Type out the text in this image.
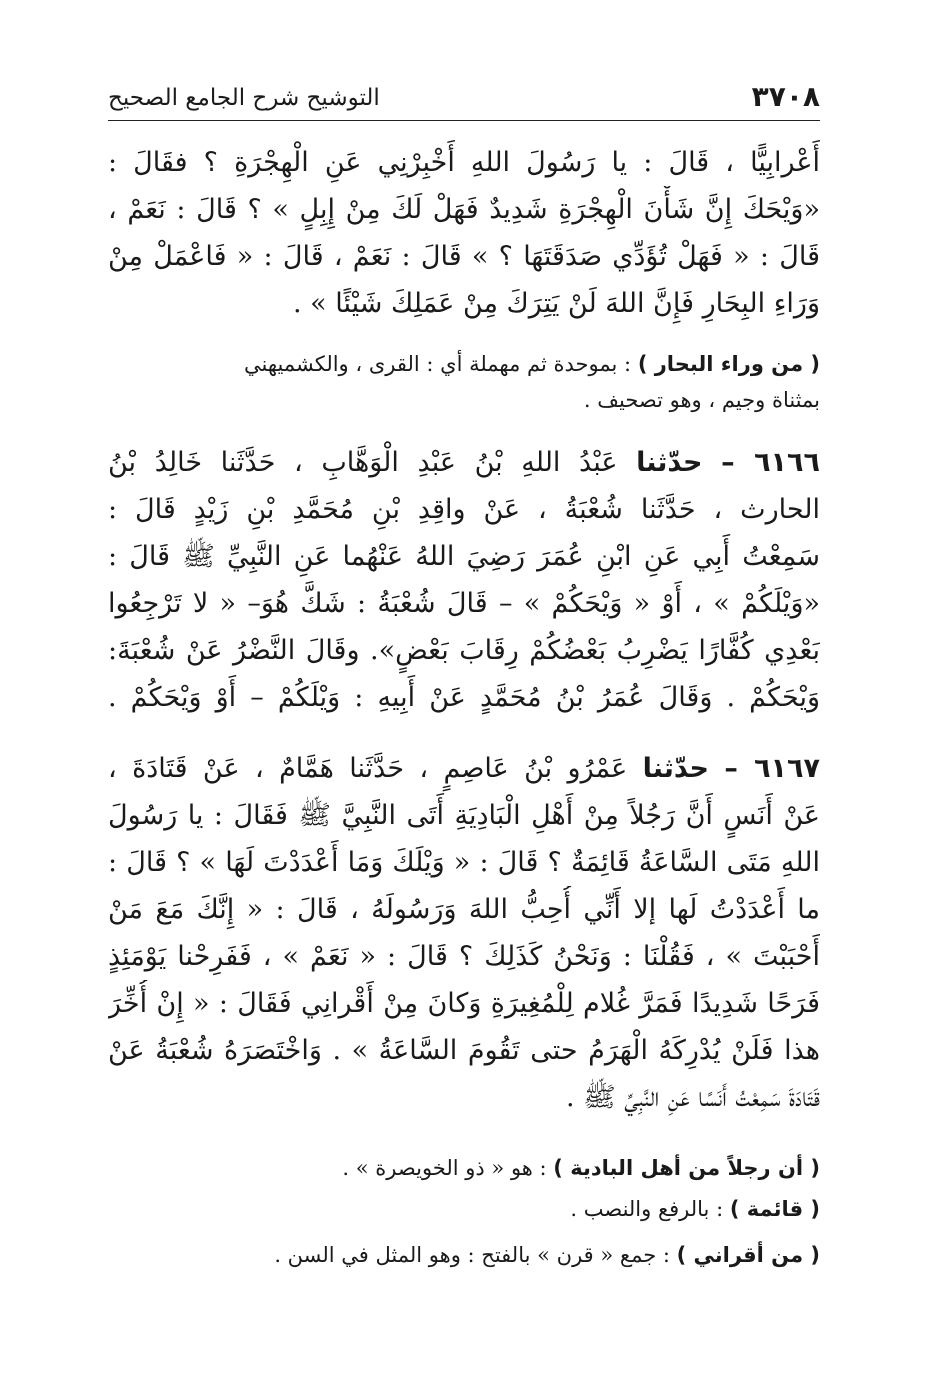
٣٧٠٨
التوشيح شرح الجامع الصحيح
أَعْرابِيًّا ، قَالَ : يا رَسُولَ اللهِ أَخْبِرْنِي عَنِ الْهِجْرَةِ ؟ فقَالَ :
«وَيْحَكَ إِنَّ شَأْنَ الْهِجْرَةِ شَدِيدٌ فَهَلْ لَكَ مِنْ إِبِلٍ » ؟ قَالَ : نَعَمْ ،
قَالَ : « فَهَلْ تُؤَدِّي صَدَقَتَهَا ؟ » قَالَ : نَعَمْ ، قَالَ : « فَاعْمَلْ مِنْ
وَرَاءِ البِحَارِ فَإِنَّ اللهَ لَنْ يَتِرَكَ مِنْ عَمَلِكَ شَيْئًا » .
( من وراء البحار ) : بموحدة ثم مهملة أي : القرى ، والكشميهني
بمثناة وجيم ، وهو تصحيف .
٦١٦٦ – حدّثنا عَبْدُ اللهِ بْنُ عَبْدِ الْوَهَّابِ ، حَدَّثَنا خَالِدُ بْنُ
الحارث ، حَدَّثَنا شُعْبَةُ ، عَنْ واقِدِ بْنِ مُحَمَّدِ بْنِ زَيْدٍ قَالَ :
سَمِعْتُ أَبِي عَنِ ابْنِ عُمَرَ رَضِيَ اللهُ عَنْهُما عَنِ النَّبِيِّ ﷺ قَالَ :
«وَيْلَكُمْ » ، أَوْ « وَيْحَكُمْ » – قَالَ شُعْبَةُ : شَكَّ هُوَ– « لا تَرْجِعُوا
بَعْدِي كُفَّارًا يَضْرِبُ بَعْضُكُمْ رِقَابَ بَعْضٍ». وقَالَ النَّضْرُ عَنْ شُعْبَةَ:
وَيْحَكُمْ . وَقَالَ عُمَرُ بْنُ مُحَمَّدٍ عَنْ أَبِيهِ : وَيْلَكُمْ – أَوْ وَيْحَكُمْ .
٦١٦٧ – حدّثنا عَمْرُو بْنُ عَاصِمٍ ، حَدَّثَنا هَمَّامٌ ، عَنْ قَتَادَةَ ،
عَنْ أَنَسٍ أَنَّ رَجُلاً مِنْ أَهْلِ الْبَادِيَةِ أَتَى النَّبِيَّ ﷺ فَقَالَ : يا رَسُولَ
اللهِ مَتَى السَّاعَةُ قَائِمَةٌ ؟ قَالَ : « وَيْلَكَ وَمَا أَعْدَدْتَ لَهَا » ؟ قَالَ :
ما أَعْدَدْتُ لَها إلا أَنِّي أُحِبُّ اللهَ وَرَسُولَهُ ، قَالَ : « إِنَّكَ مَعَ مَنْ
أَحْبَبْتَ » ، فَقُلْنَا : وَنَحْنُ كَذَلِكَ ؟ قَالَ : « نَعَمْ » ، فَفَرِحْنا يَوْمَئِذٍ
فَرَحًا شَدِيدًا فَمَرَّ غُلام لِلْمُغِيرَةِ وَكانَ مِنْ أَقْرانِي فَقَالَ : « إِنْ أُخِّرَ
هذا فَلَنْ يُدْرِكَهُ الْهَرَمُ حتى تَقُومَ السَّاعَةُ » . وَاخْتَصَرَهُ شُعْبَةُ عَنْ
قَتَادَةَ سَمِعْتُ أَنَسًا عَنِ النَّبِيِّ ﷺ .
( أن رجلاً من أهل البادية ) : هو « ذو الخويصرة » .
( قائمة ) : بالرفع والنصب .
( من أقراني ) : جمع « قرن » بالفتح : وهو المثل في السن .
